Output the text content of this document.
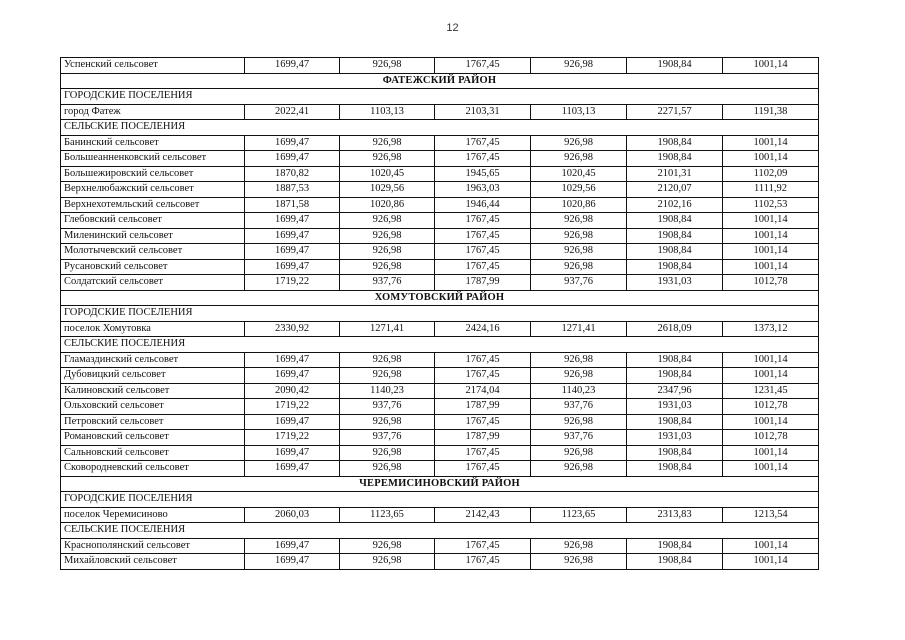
12
Успенский сельсовет	1699,47	926,98	1767,45	926,98	1908,84	1001,14
ФАТЕЖСКИЙ РАЙОН						
ГОРОДСКИЕ ПОСЕЛЕНИЯ						
город Фатеж	2022,41	1103,13	2103,31	1103,13	2271,57	1191,38
СЕЛЬСКИЕ ПОСЕЛЕНИЯ						
Банинский сельсовет	1699,47	926,98	1767,45	926,98	1908,84	1001,14
Большеанненковский сельсовет	1699,47	926,98	1767,45	926,98	1908,84	1001,14
Большежировский сельсовет	1870,82	1020,45	1945,65	1020,45	2101,31	1102,09
Верхнелюбажский сельсовет	1887,53	1029,56	1963,03	1029,56	2120,07	1111,92
Верхнехотемльский сельсовет	1871,58	1020,86	1946,44	1020,86	2102,16	1102,53
Глебовский сельсовет	1699,47	926,98	1767,45	926,98	1908,84	1001,14
Миленинский сельсовет	1699,47	926,98	1767,45	926,98	1908,84	1001,14
Молотычевский сельсовет	1699,47	926,98	1767,45	926,98	1908,84	1001,14
Русановский сельсовет	1699,47	926,98	1767,45	926,98	1908,84	1001,14
Солдатский сельсовет	1719,22	937,76	1787,99	937,76	1931,03	1012,78
ХОМУТОВСКИЙ РАЙОН						
ГОРОДСКИЕ ПОСЕЛЕНИЯ						
поселок Хомутовка	2330,92	1271,41	2424,16	1271,41	2618,09	1373,12
СЕЛЬСКИЕ ПОСЕЛЕНИЯ						
Гламаздинский сельсовет	1699,47	926,98	1767,45	926,98	1908,84	1001,14
Дубовицкий сельсовет	1699,47	926,98	1767,45	926,98	1908,84	1001,14
Калиновский сельсовет	2090,42	1140,23	2174,04	1140,23	2347,96	1231,45
Ольховский сельсовет	1719,22	937,76	1787,99	937,76	1931,03	1012,78
Петровский сельсовет	1699,47	926,98	1767,45	926,98	1908,84	1001,14
Романовский сельсовет	1719,22	937,76	1787,99	937,76	1931,03	1012,78
Сальновский сельсовет	1699,47	926,98	1767,45	926,98	1908,84	1001,14
Сковородневский сельсовет	1699,47	926,98	1767,45	926,98	1908,84	1001,14
ЧЕРЕМИСИНОВСКИЙ РАЙОН						
ГОРОДСКИЕ ПОСЕЛЕНИЯ						
поселок Черемисиново	2060,03	1123,65	2142,43	1123,65	2313,83	1213,54
СЕЛЬСКИЕ ПОСЕЛЕНИЯ						
Краснополянский сельсовет	1699,47	926,98	1767,45	926,98	1908,84	1001,14
Михайловский сельсовет	1699,47	926,98	1767,45	926,98	1908,84	1001,14
